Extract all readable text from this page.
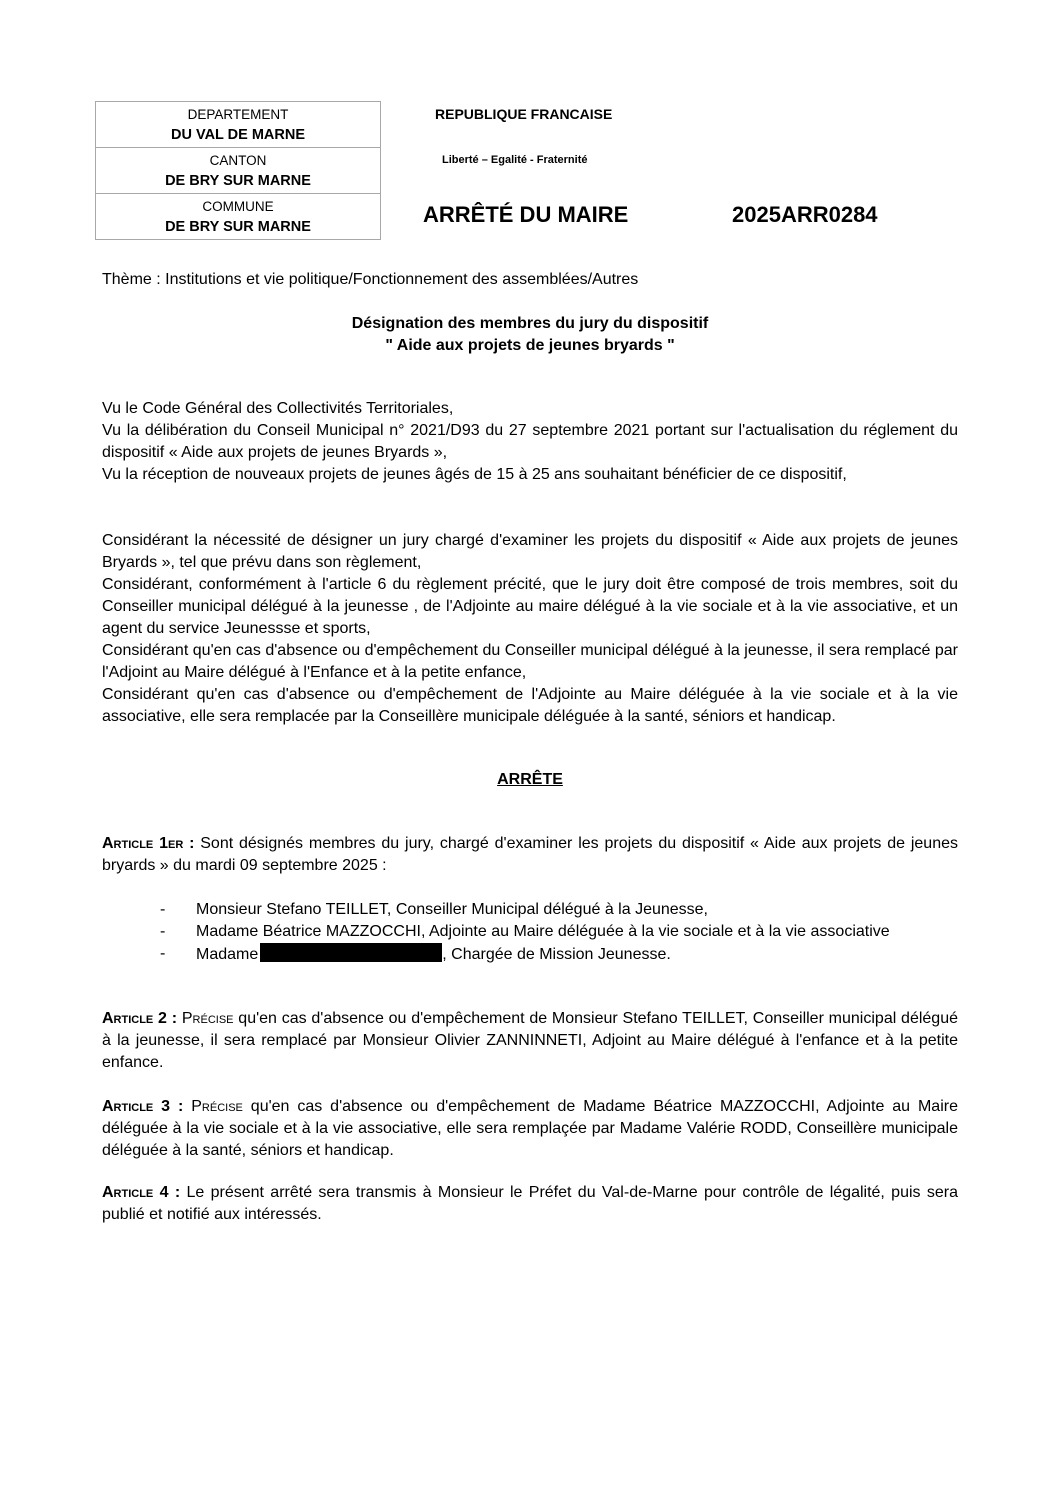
DEPARTEMENT
DU VAL DE MARNE

CANTON
DE BRY SUR MARNE

COMMUNE
DE BRY SUR MARNE
REPUBLIQUE FRANCAISE
Liberté – Egalité - Fraternité
ARRÊTÉ DU MAIRE	2025ARR0284
Thème : Institutions et vie politique/Fonctionnement des assemblées/Autres

Désignation des membres du jury du dispositif

" Aide aux projets de jeunes bryards "

Vu le Code Général des Collectivités Territoriales,

Vu la délibération du Conseil Municipal n° 2021/D93 du 27 septembre 2021 portant sur l'actualisation du réglement du dispositif « Aide aux projets de jeunes Bryards »,

Vu la réception de nouveaux projets de jeunes âgés de 15 à 25 ans souhaitant bénéficier de ce dispositif,

Considérant la nécessité de désigner un jury chargé d'examiner les projets du dispositif « Aide aux projets de jeunes Bryards », tel que prévu dans son règlement,

Considérant, conformément à l'article 6 du règlement précité, que le jury doit être composé de trois membres, soit du Conseiller municipal délégué à la jeunesse , de l'Adjointe au maire délégué à la vie sociale et à la vie associative, et un agent du service Jeunessse et sports,

Considérant qu'en cas d'absence ou d'empêchement du Conseiller municipal délégué à la jeunesse, il sera remplacé par l'Adjoint au Maire délégué à l'Enfance et à la petite enfance,

Considérant qu'en cas d'absence ou d'empêchement de l'Adjointe au Maire déléguée à la vie sociale et à la vie associative, elle sera remplacée par la Conseillère municipale déléguée à la santé, séniors et handicap.

ARRÊTE
Article 1er : Sont désignés membres du jury, chargé d'examiner les projets du dispositif « Aide aux projets de jeunes bryards » du mardi 09 septembre 2025 :
-	Monsieur Stefano TEILLET, Conseiller Municipal délégué à la Jeunesse,
-	Madame Béatrice MAZZOCCHI, Adjointe au Maire déléguée à la vie sociale et à la vie associative
-	Madame	, Chargée de Mission Jeunesse.
Article 2 : Précise qu'en cas d'absence ou d'empêchement de Monsieur Stefano TEILLET, Conseiller municipal délégué à la jeunesse, il sera remplacé par Monsieur Olivier ZANNINNETI, Adjoint au Maire délégué à l'enfance et à la petite enfance.
Article 3 : Précise qu'en cas d'absence ou d'empêchement de Madame Béatrice MAZZOCCHI, Adjointe au Maire déléguée à la vie sociale et à la vie associative, elle sera remplaçée par Madame Valérie RODD, Conseillère municipale déléguée à la santé, séniors et handicap.
Article 4 : Le présent arrêté sera transmis à Monsieur le Préfet du Val-de-Marne pour contrôle de légalité, puis sera publié et notifié aux intéressés.
